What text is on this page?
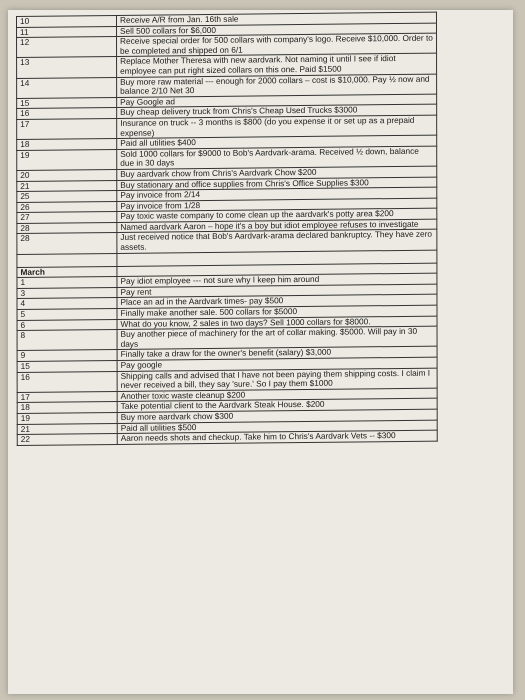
10	Receive A/R from Jan. 16th sale
11	Sell 500 collars for $6,000
12	Receive special order for 500 collars with company's logo. Receive $10,000. Order to be completed and shipped on 6/1
13	Replace Mother Theresa with new aardvark. Not naming it until I see if idiot employee can put right sized collars on this one. Paid $1500
14	Buy more raw material --- enough for 2000 collars – cost is $10,000. Pay ½ now and balance 2/10 Net 30
15	Pay Google ad
16	Buy cheap delivery truck from Chris's Cheap Used Trucks $3000
17	Insurance on truck -- 3 months is $800 (do you expense it or set up as a prepaid expense)
18	Paid all utilities $400
19	Sold 1000 collars for $9000 to Bob's Aardvark-arama. Received ½ down, balance due in 30 days
20	Buy aardvark chow from Chris's Aardvark Chow $200
21	Buy stationary and office supplies from Chris's Office Supplies $300
25	Pay invoice from 2/14
26	Pay invoice from 1/28
27	Pay toxic waste company to come clean up the aardvark's potty area $200
28	Named aardvark Aaron – hope it's a boy but idiot employee refuses to investigate
28	Just received notice that Bob's Aardvark-arama declared bankruptcy. They have zero assets.

March	
1	Pay idiot employee --- not sure why I keep him around
3	Pay rent
4	Place an ad in the Aardvark times- pay $500
5	Finally make another sale. 500 collars for $5000
6	What do you know, 2 sales in two days? Sell 1000 collars for $8000.
8	Buy another piece of machinery for the art of collar making. $5000. Will pay in 30 days
9	Finally take a draw for the owner's benefit (salary) $3,000
15	Pay google
16	Shipping calls and advised that I have not been paying them shipping costs. I claim I never received a bill, they say 'sure.' So I pay them $1000
17	Another toxic waste cleanup $200
18	Take potential client to the Aardvark Steak House. $200
19	Buy more aardvark chow $300
21	Paid all utilities $500
22	Aaron needs shots and checkup. Take him to Chris's Aardvark Vets -- $300
